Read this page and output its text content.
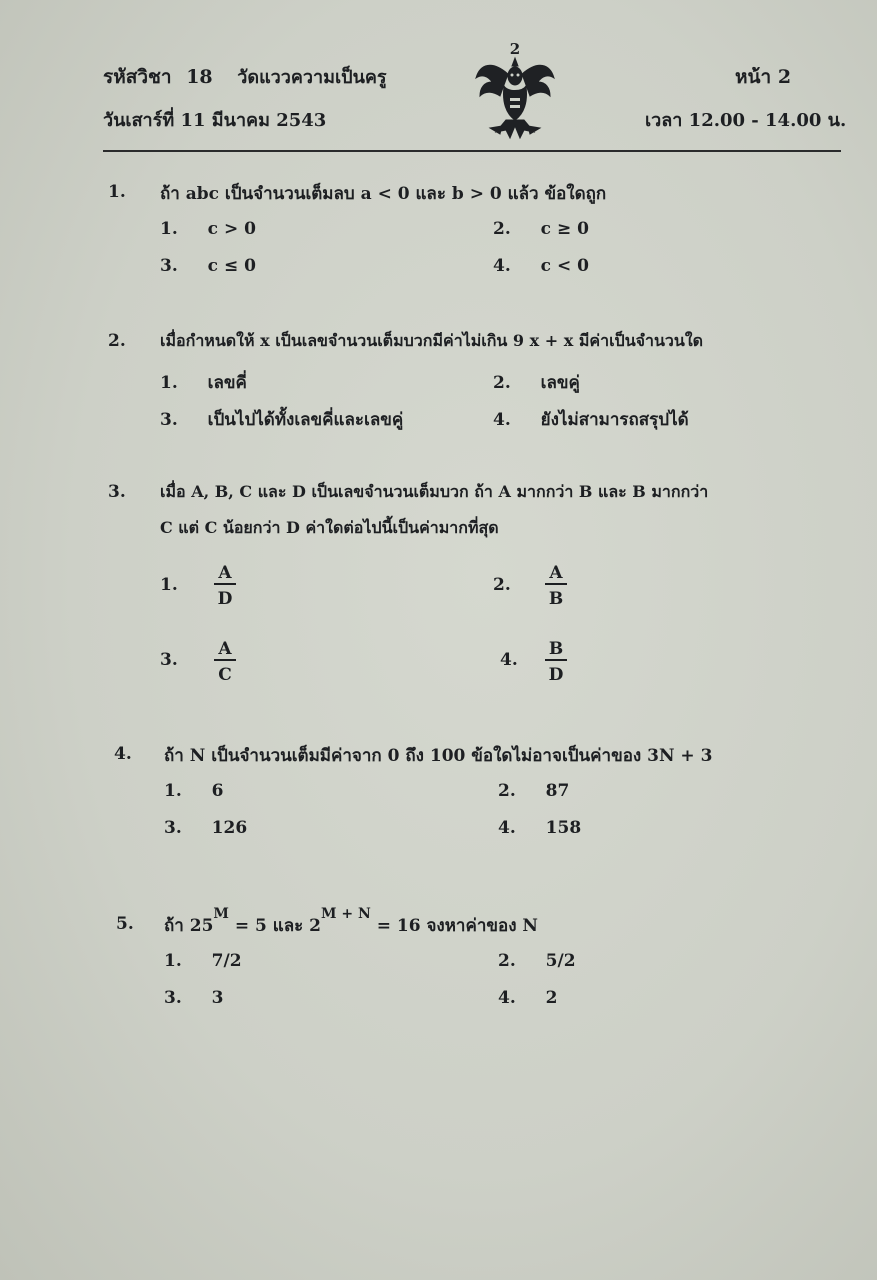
รหัสวิชา 18 วัดแววความเป็นครู
วันเสาร์ที่ 11 มีนาคม 2543
หน้า 2
เวลา 12.00 - 14.00 น.
2
1. ถ้า abc เป็นจำนวนเต็มลบ a < 0 และ b > 0 แล้ว ข้อใดถูก
1. c > 0	2. c ≥ 0
3. c ≤ 0	4. c < 0
2. เมื่อกำหนดให้ x เป็นเลขจำนวนเต็มบวกมีค่าไม่เกิน 9 x + x มีค่าเป็นจำนวนใด
1. เลขคี่	2. เลขคู่
3. เป็นไปได้ทั้งเลขคี่และเลขคู่	4. ยังไม่สามารถสรุปได้
3. เมื่อ A, B, C และ D เป็นเลขจำนวนเต็มบวก ถ้า A มากกว่า B และ B มากกว่า
C แต่ C น้อยกว่า D ค่าใดต่อไปนี้เป็นค่ามากที่สุด
1. $\frac{A}{D}$	2. $\frac{A}{B}$
3. $\frac{A}{C}$	4. $\frac{B}{D}$
4. ถ้า N เป็นจำนวนเต็มมีค่าจาก 0 ถึง 100 ข้อใดไม่อาจเป็นค่าของ 3N + 3
1. 6	2. 87
3. 126	4. 158
5. ถ้า $25^M = 5$ และ $2^{M + N} = 16$ จงหาค่าของ N
1. 7/2	2. 5/2
3. 3	4. 2
